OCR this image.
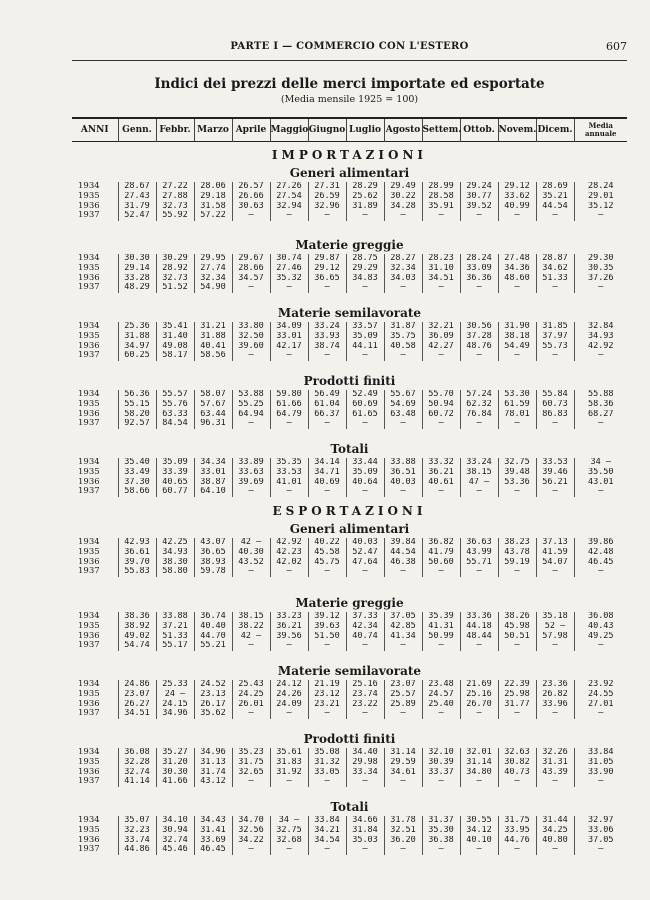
PARTE I — COMMERCIO CON L'ESTERO	607
Indici dei prezzi delle merci importate ed esportate
(Media mensile 1925 = 100)
ANNI	Genn.	Febbr.	Marzo	Aprile	Maggio	Giugno	Luglio	Agosto	Settem.	Ottob.	Novem.	Dicem.	Media annuale
IMPORTAZIONI
Generi alimentari
1934	28.67	27.22	28.06	26.57	27.26	27.31	28.29	29.49	28.99	29.24	29.12	28.69	28.24
1935	27.43	27.88	29.18	26.66	27.54	26.59	25.62	30.22	28.58	30.77	33.62	35.21	29.01
1936	31.79	32.73	31.58	30.63	32.94	32.96	31.89	34.28	35.91	39.52	40.99	44.54	35.12
1937	52.47	55.92	57.22	—	—	—	—	—	—	—	—	—	—
Materie greggie
1934	30.30	30.29	29.95	29.67	30.74	29.87	28.75	28.27	28.23	28.24	27.48	28.87	29.30
1935	29.14	28.92	27.74	28.66	27.46	29.12	29.29	32.34	31.10	33.09	34.36	34.62	30.35
1936	33.28	32.73	32.34	34.57	35.32	36.65	34.83	34.03	34.51	36.36	48.60	51.33	37.26
1937	48.29	51.52	54.90	—	—	—	—	—	—	—	—	—	—
Materie semilavorate
1934	25.36	35.41	31.21	33.80	34.09	33.24	33.57	31.87	32.21	30.56	31.90	31.85	32.84
1935	31.88	31.40	31.88	32.50	33.01	33.93	35.09	35.75	36.09	37.28	38.18	37.97	34.93
1936	34.97	49.08	40.41	39.60	42.17	38.74	44.11	40.58	42.27	48.76	54.49	55.73	42.92
1937	60.25	58.17	58.56	—	—	—	—	—	—	—	—	—	—
Prodotti finiti
1934	56.36	55.57	58.07	53.88	59.80	56.49	52.49	55.67	55.70	57.24	53.30	55.84	55.88
1935	55.15	55.76	57.67	55.25	61.66	61.04	60.69	54.69	50.94	62.32	61.59	60.73	58.36
1936	58.20	63.33	63.44	64.94	64.79	66.37	61.65	63.48	60.72	76.84	78.01	86.83	68.27
1937	92.57	84.54	96.31	—	—	—	—	—	—	—	—	—	—
Totali
1934	35.40	35.09	34.34	33.89	35.35	34.14	33.44	33.88	33.32	33.24	32.75	33.53	34 —
1935	33.49	33.39	33.01	33.63	33.53	34.71	35.09	36.51	36.21	38.15	39.48	39.46	35.50
1936	37.30	40.65	38.87	39.69	41.01	40.69	40.64	40.03	40.61	47 —	53.36	56.21	43.01
1937	58.66	60.77	64.10	—	—	—	—	—	—	—	—	—	—
ESPORTAZIONI
Generi alimentari
1934	42.93	42.25	43.07	42 —	42.92	40.22	40.03	39.84	36.82	36.63	38.23	37.13	39.86
1935	36.61	34.93	36.65	40.30	42.23	45.58	52.47	44.54	41.79	43.99	43.78	41.59	42.48
1936	39.70	38.30	38.93	43.52	42.02	45.75	47.64	46.38	50.60	55.71	59.19	54.07	46.45
1937	55.83	58.80	59.78	—	—	—	—	—	—	—	—	—	—
Materie greggie
1934	38.36	33.88	36.74	38.15	33.23	39.12	37.33	37.05	35.39	33.36	38.26	35.18	36.08
1935	38.92	37.21	40.40	38.22	36.21	39.63	42.34	42.85	41.31	44.18	45.98	52 —	40.43
1936	49.02	51.33	44.70	42 —	39.56	51.50	40.74	41.34	50.99	48.44	50.51	57.98	49.25
1937	54.74	55.17	55.21	—	—	—	—	—	—	—	—	—	—
Materie semilavorate
1934	24.86	25.33	24.52	25.43	24.12	21.19	25.16	23.07	23.48	21.69	22.39	23.36	23.92
1935	23.07	24 —	23.13	24.25	24.26	23.12	23.74	25.57	24.57	25.16	25.98	26.82	24.55
1936	26.27	24.15	26.17	26.01	24.09	23.21	23.22	25.89	25.40	26.70	31.77	33.96	27.01
1937	34.51	34.96	35.62	—	—	—	—	—	—	—	—	—	—
Prodotti finiti
1934	36.08	35.27	34.96	35.23	35.61	35.08	34.40	31.14	32.10	32.01	32.63	32.26	33.84
1935	32.28	31.20	31.13	31.75	31.83	31.32	29.98	29.59	30.39	31.14	30.82	31.31	31.05
1936	32.74	30.30	31.74	32.65	31.92	33.05	33.34	34.61	33.37	34.80	40.73	43.39	33.90
1937	41.14	41.66	43.12	—	—	—	—	—	—	—	—	—	—
Totali
1934	35.07	34.10	34.43	34.70	34 —	33.84	34.66	31.78	31.37	30.55	31.75	31.44	32.97
1935	32.23	30.94	31.41	32.56	32.75	34.21	31.84	32.51	35.30	34.12	33.95	34.25	33.06
1936	33.74	32.74	33.69	34.22	32.68	34.54	35.03	36.20	36.38	40.10	44.76	40.80	37.05
1937	44.86	45.46	46.45	—	—	—	—	—	—	—	—	—	—
